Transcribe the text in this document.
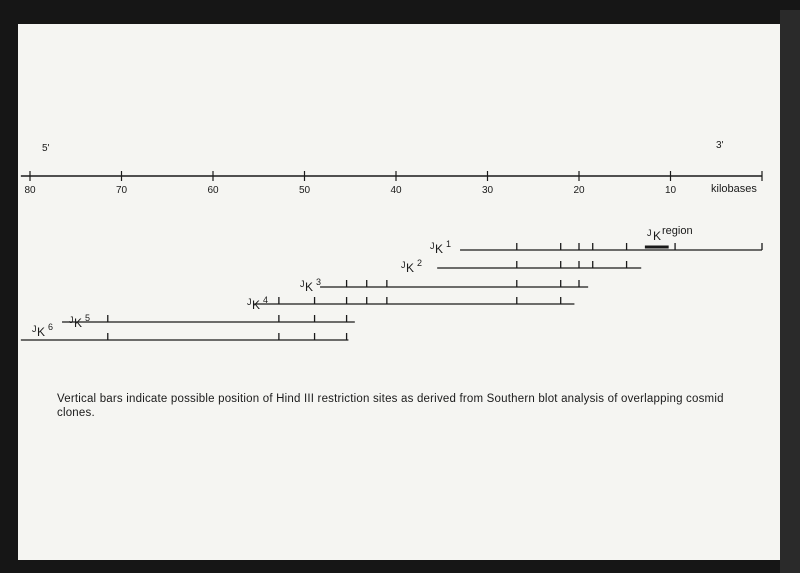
5'	3'
80	70	60	50	40	30	20	10	kilobases
J K region
J K 1
J K 2
J K 3
J K 4
J K 5
J K 6
Vertical bars indicate possible position of Hind III restriction sites as derived from Southern blot analysis of overlapping cosmid clones.
